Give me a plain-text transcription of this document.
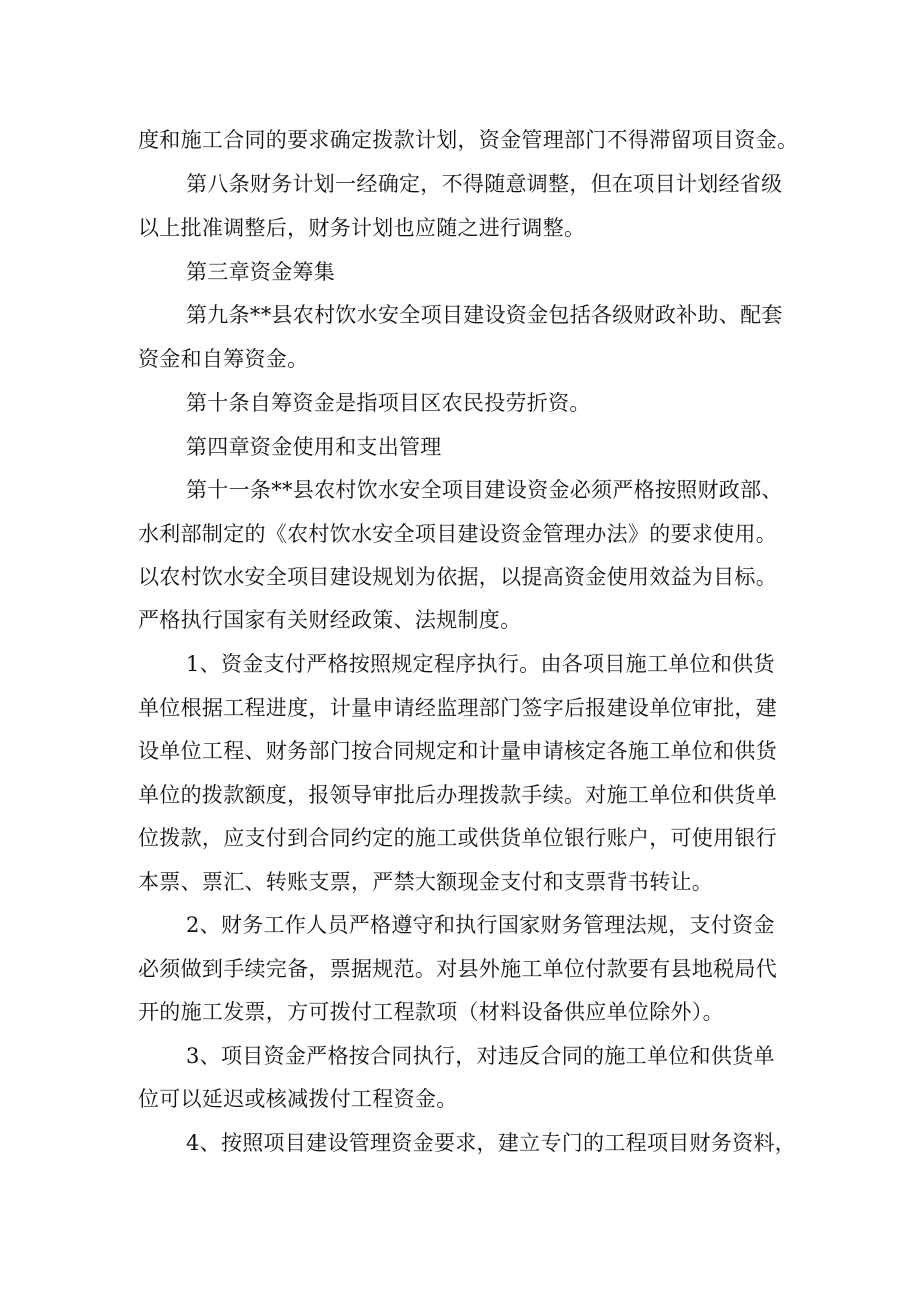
度和施工合同的要求确定拨款计划，资金管理部门不得滞留项目资金。
第八条财务计划一经确定，不得随意调整，但在项目计划经省级
以上批准调整后，财务计划也应随之进行调整。
第三章资金筹集
第九条**县农村饮水安全项目建设资金包括各级财政补助、配套
资金和自筹资金。
第十条自筹资金是指项目区农民投劳折资。
第四章资金使用和支出管理
第十一条**县农村饮水安全项目建设资金必须严格按照财政部、
水利部制定的《农村饮水安全项目建设资金管理办法》的要求使用。
以农村饮水安全项目建设规划为依据，以提高资金使用效益为目标。
严格执行国家有关财经政策、法规制度。
1、资金支付严格按照规定程序执行。由各项目施工单位和供货
单位根据工程进度，计量申请经监理部门签字后报建设单位审批，建
设单位工程、财务部门按合同规定和计量申请核定各施工单位和供货
单位的拨款额度，报领导审批后办理拨款手续。对施工单位和供货单
位拨款，应支付到合同约定的施工或供货单位银行账户，可使用银行
本票、票汇、转账支票，严禁大额现金支付和支票背书转让。
2、财务工作人员严格遵守和执行国家财务管理法规，支付资金
必须做到手续完备，票据规范。对县外施工单位付款要有县地税局代
开的施工发票，方可拨付工程款项（材料设备供应单位除外）。
3、项目资金严格按合同执行，对违反合同的施工单位和供货单
位可以延迟或核减拨付工程资金。
4、按照项目建设管理资金要求，建立专门的工程项目财务资料，
